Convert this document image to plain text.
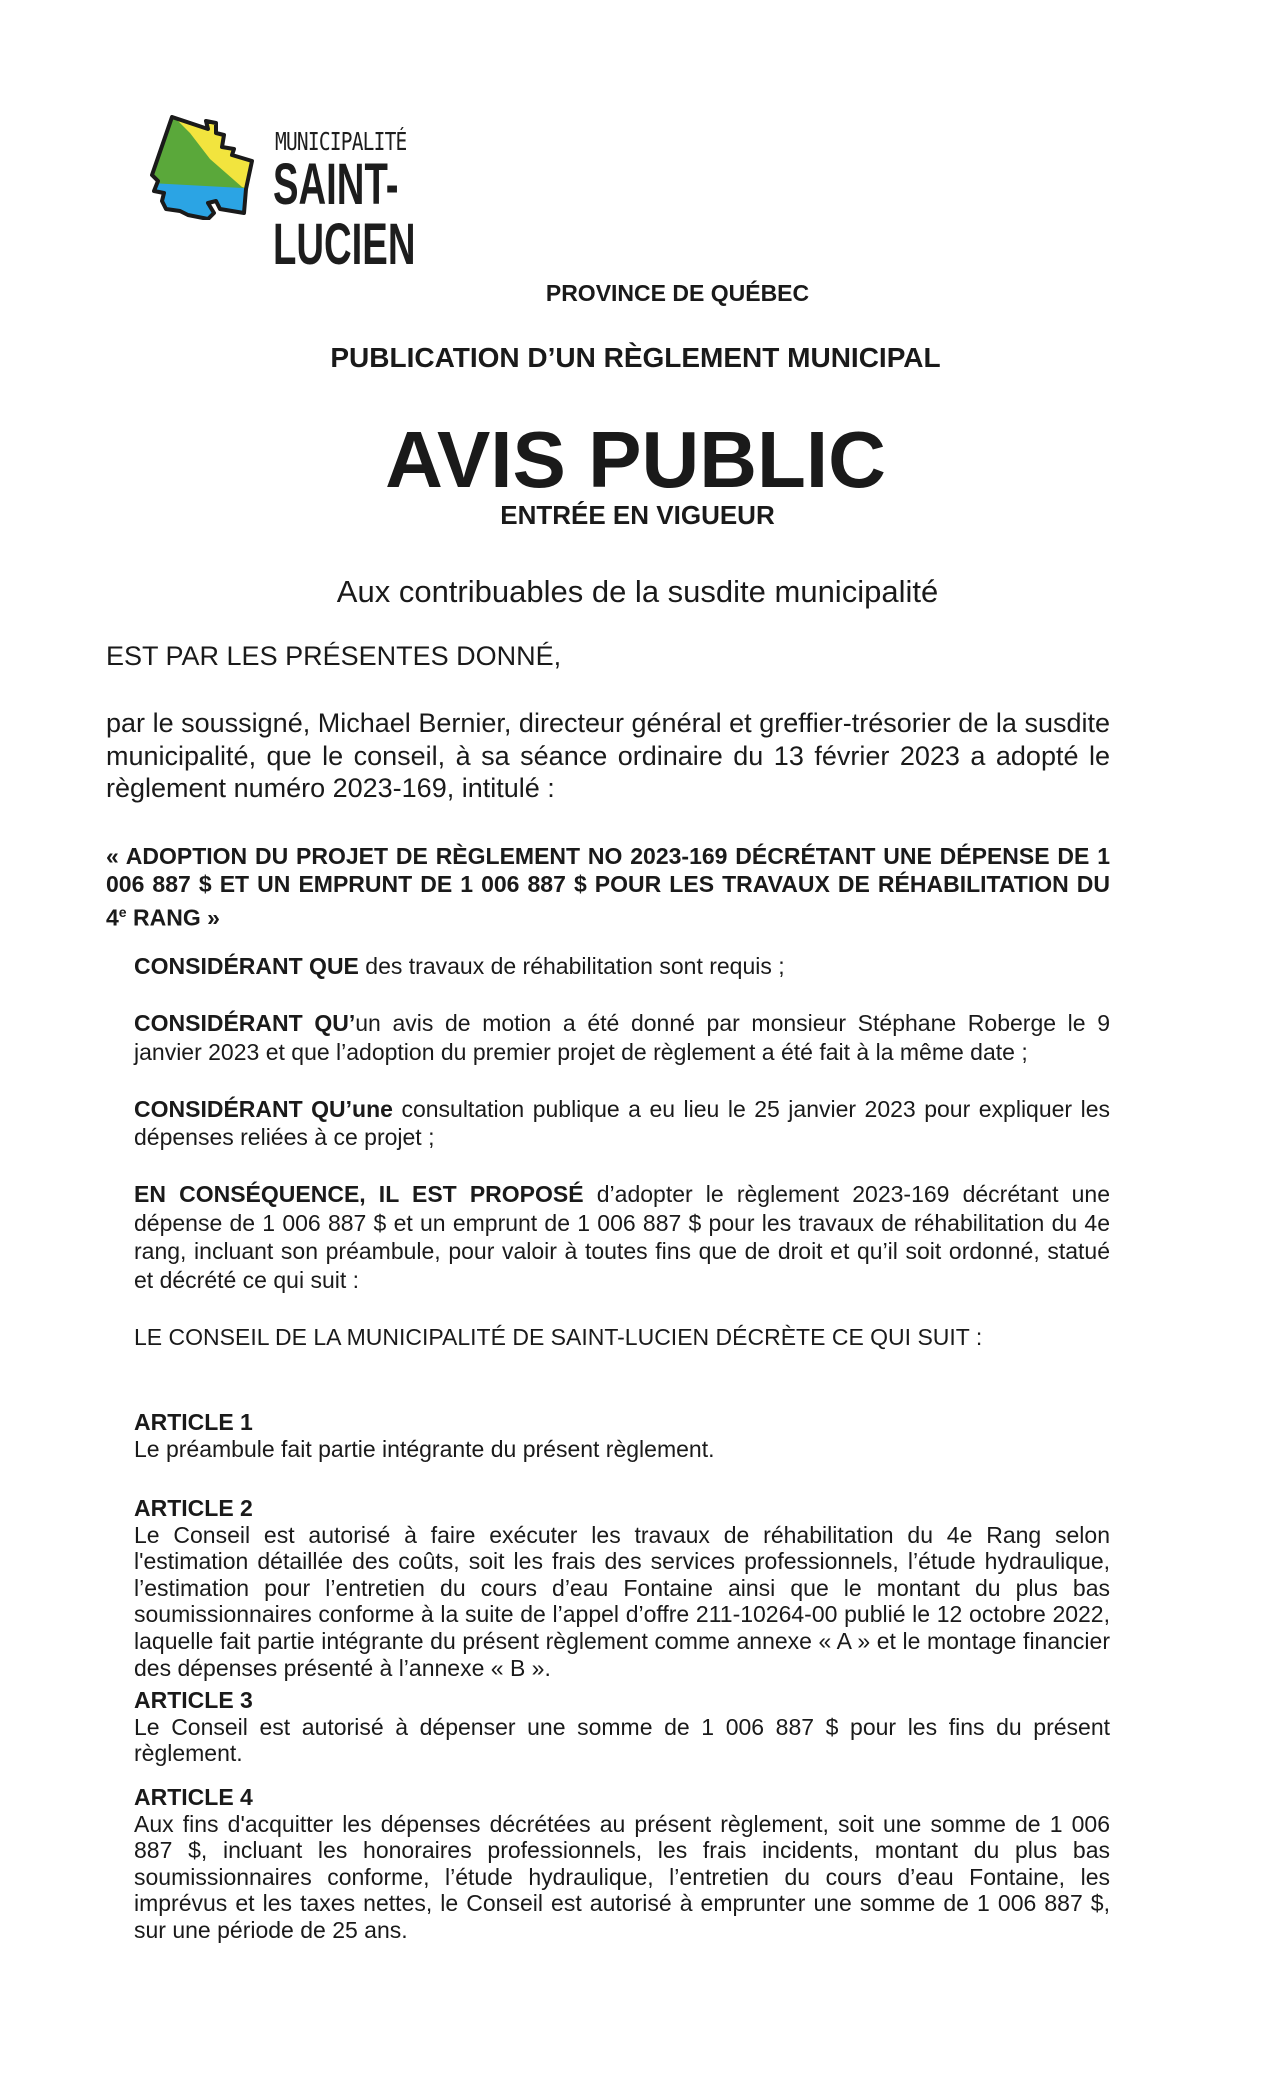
MUNICIPALITÉ
SAINT-LUCIEN
PROVINCE DE QUÉBEC
PUBLICATION D’UN RÈGLEMENT MUNICIPAL
AVIS PUBLIC
ENTRÉE EN VIGUEUR
Aux contribuables de la susdite municipalité
EST PAR LES PRÉSENTES DONNÉ,
par le soussigné, Michael Bernier, directeur général et greffier-trésorier de la susdite municipalité, que le conseil, à sa séance ordinaire du 13 février 2023 a adopté le règlement numéro 2023-169, intitulé :
« ADOPTION DU PROJET DE RÈGLEMENT NO 2023-169 DÉCRÉTANT UNE DÉPENSE DE 1 006 887 $ ET UN EMPRUNT DE 1 006 887 $ POUR LES TRAVAUX DE RÉHABILITATION DU 4e RANG »

CONSIDÉRANT QUE des travaux de réhabilitation sont requis ;

CONSIDÉRANT QU’un avis de motion a été donné par monsieur Stéphane Roberge le 9 janvier 2023 et que l’adoption du premier projet de règlement a été fait à la même date ;

CONSIDÉRANT QU’une consultation publique a eu lieu le 25 janvier 2023 pour expliquer les dépenses reliées à ce projet ;

EN CONSÉQUENCE, IL EST PROPOSÉ d’adopter le règlement 2023-169 décrétant une dépense de 1 006 887 $ et un emprunt de 1 006 887 $ pour les travaux de réhabilitation du 4e rang, incluant son préambule, pour valoir à toutes fins que de droit et qu’il soit ordonné, statué et décrété ce qui suit :

LE CONSEIL DE LA MUNICIPALITÉ DE SAINT-LUCIEN DÉCRÈTE CE QUI SUIT :

ARTICLE 1
Le préambule fait partie intégrante du présent règlement.
ARTICLE 2
Le Conseil est autorisé à faire exécuter les travaux de réhabilitation du 4e Rang selon l'estimation détaillée des coûts, soit les frais des services professionnels, l’étude hydraulique, l’estimation pour l’entretien du cours d’eau Fontaine ainsi que le montant du plus bas soumissionnaires conforme à la suite de l’appel d’offre 211-10264-00 publié le 12 octobre 2022, laquelle fait partie intégrante du présent règlement comme annexe « A » et le montage financier des dépenses présenté à l’annexe « B ».
ARTICLE 3
Le Conseil est autorisé à dépenser une somme de 1 006 887 $ pour les fins du présent règlement.
ARTICLE 4
Aux fins d'acquitter les dépenses décrétées au présent règlement, soit une somme de 1 006 887 $, incluant les honoraires professionnels, les frais incidents, montant du plus bas soumissionnaires conforme, l’étude hydraulique, l’entretien du cours d’eau Fontaine, les imprévus et les taxes nettes, le Conseil est autorisé à emprunter une somme de 1 006 887 $, sur une période de 25 ans.
